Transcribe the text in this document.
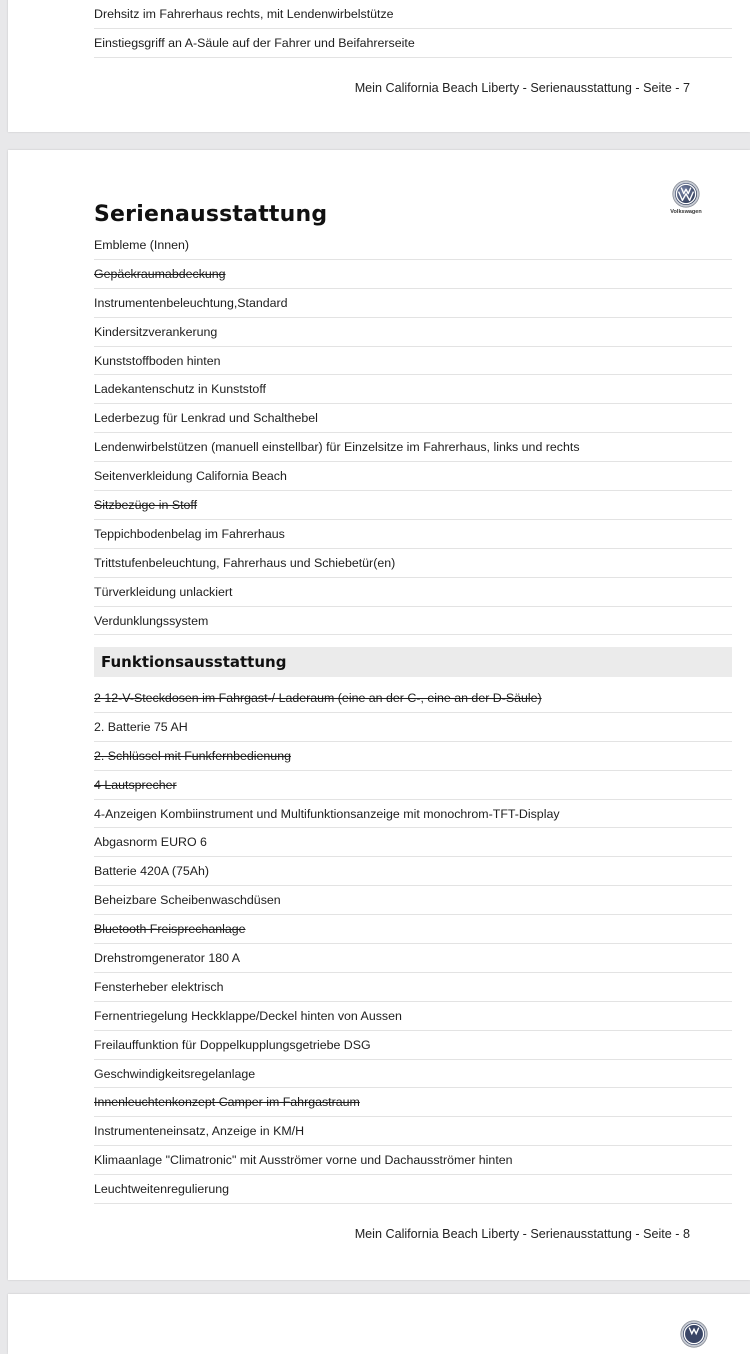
Drehsitz im Fahrerhaus rechts, mit Lendenwirbelstütze
Einstiegsgriff an A-Säule auf der Fahrer und Beifahrerseite
Mein California Beach Liberty - Serienausstattung - Seite - 7
Serienausstattung	Volkswagen
Embleme (Innen)
Gepäckraumabdeckung
Instrumentenbeleuchtung,Standard
Kindersitzverankerung
Kunststoffboden hinten
Ladekantenschutz in Kunststoff
Lederbezug für Lenkrad und Schalthebel
Lendenwirbelstützen (manuell einstellbar) für Einzelsitze im Fahrerhaus, links und rechts
Seitenverkleidung California Beach
Sitzbezüge in Stoff
Teppichbodenbelag im Fahrerhaus
Trittstufenbeleuchtung, Fahrerhaus und Schiebetür(en)
Türverkleidung unlackiert
Verdunklungssystem
Funktionsausstattung
2 12-V-Steckdosen im Fahrgast-/ Laderaum (eine an der C-, eine an der D-Säule)
2. Batterie 75 AH
2. Schlüssel mit Funkfernbedienung
4 Lautsprecher
4-Anzeigen Kombiinstrument und Multifunktionsanzeige mit monochrom-TFT-Display
Abgasnorm EURO 6
Batterie 420A (75Ah)
Beheizbare Scheibenwaschdüsen
Bluetooth Freisprechanlage
Drehstromgenerator 180 A
Fensterheber elektrisch
Fernentriegelung Heckklappe/Deckel hinten von Aussen
Freilauffunktion für Doppelkupplungsgetriebe DSG
Geschwindigkeitsregelanlage
Innenleuchtenkonzept Camper im Fahrgastraum
Instrumenteneinsatz, Anzeige in KM/H
Klimaanlage "Climatronic" mit Ausströmer vorne und Dachausströmer hinten
Leuchtweitenregulierung
Mein California Beach Liberty - Serienausstattung - Seite - 8
